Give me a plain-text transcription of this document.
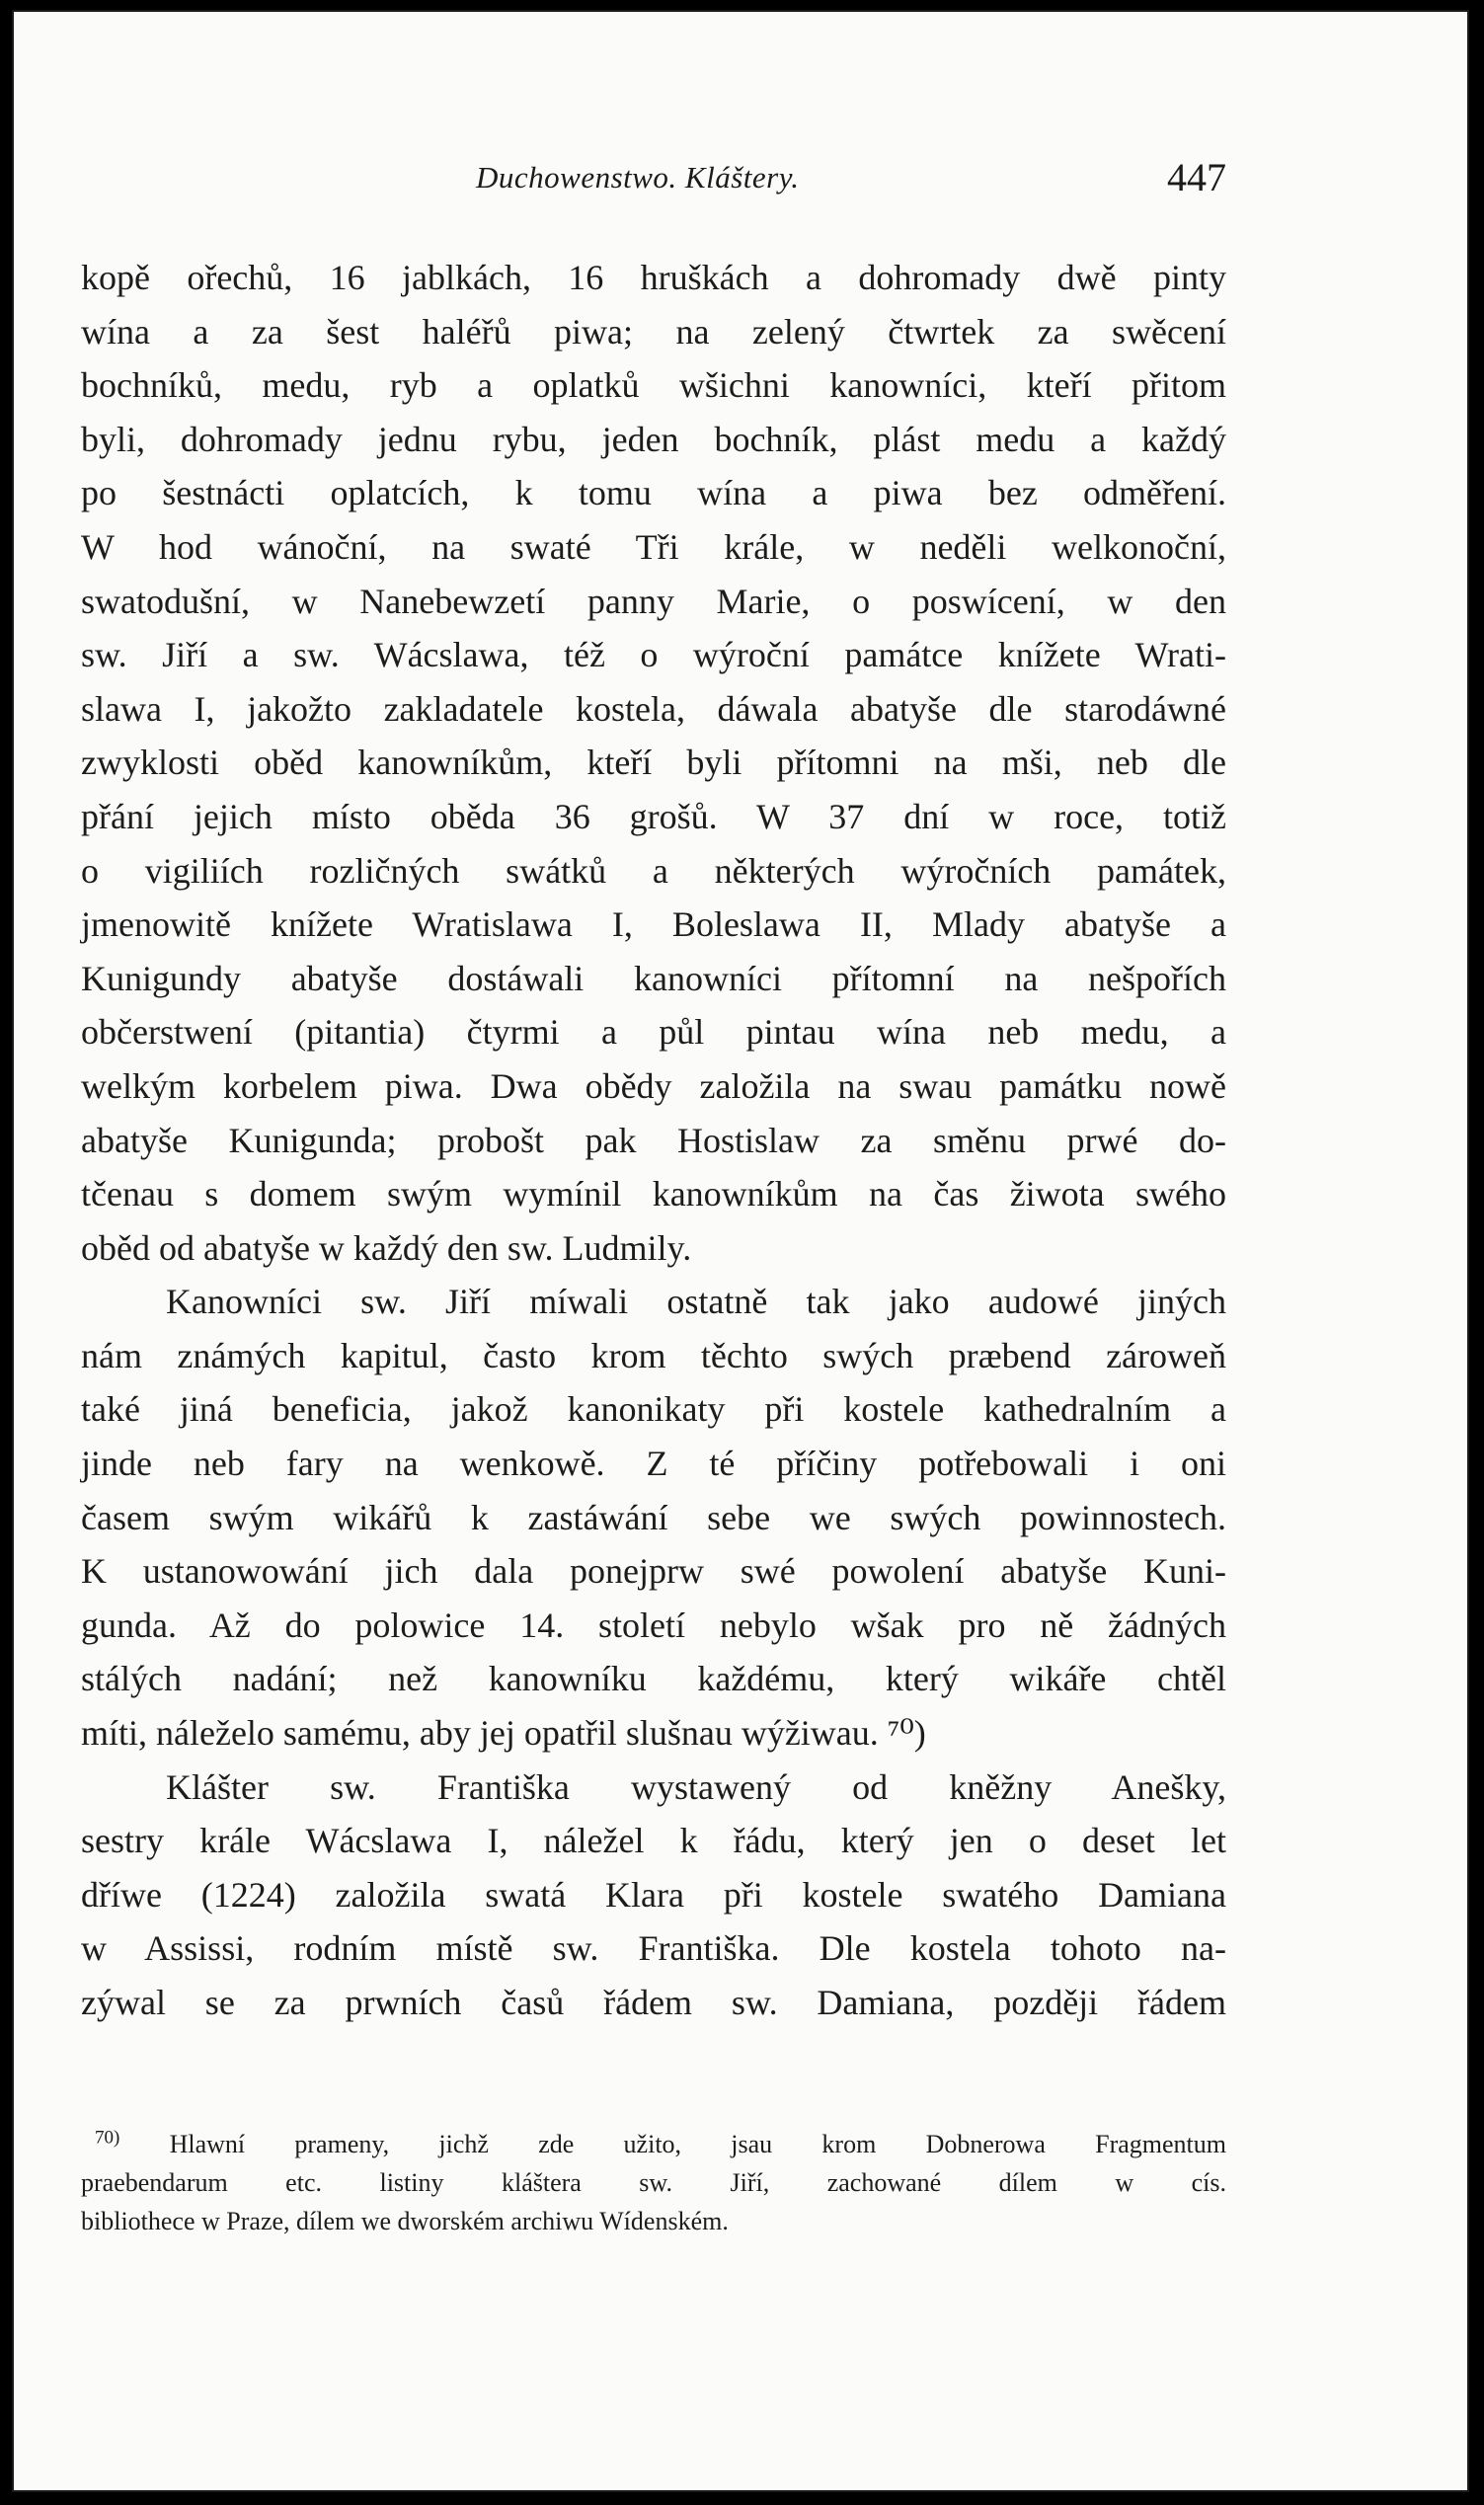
Duchowenstwo. Kláštery.	447
kopě ořechů, 16 jablkách, 16 hruškách a dohromady dwě pinty
wína a za šest haléřů piwa; na zelený čtwrtek za swěcení
bochníků, medu, ryb a oplatků wšichni kanowníci, kteří přitom
byli, dohromady jednu rybu, jeden bochník, plást medu a každý
po šestnácti oplatcích, k tomu wína a piwa bez odměření.
W hod wánoční, na swaté Tři krále, w neděli welkonoční,
swatodušní, w Nanebewzetí panny Marie, o poswícení, w den
sw. Jiří a sw. Wácslawa, též o wýroční památce knížete Wrati-
slawa I, jakožto zakladatele kostela, dáwala abatyše dle starodáwné
zwyklosti oběd kanowníkům, kteří byli přítomni na mši, neb dle
přání jejich místo oběda 36 grošů. W 37 dní w roce, totiž
o vigiliích rozličných swátků a některých wýročních památek,
jmenowitě knížete Wratislawa I, Boleslawa II, Mlady abatyše a
Kunigundy abatyše dostáwali kanowníci přítomní na nešpořích
občerstwení (pitantia) čtyrmi a půl pintau wína neb medu, a
welkým korbelem piwa. Dwa obědy založila na swau památku nowě
abatyše Kunigunda; probošt pak Hostislaw za směnu prwé do-
tčenau s domem swým wymínil kanowníkům na čas žiwota swého
oběd od abatyše w každý den sw. Ludmily.
Kanowníci sw. Jiří míwali ostatně tak jako audowé jiných
nám známých kapitul, často krom těchto swých præbend zároweň
také jiná beneficia, jakož kanonikaty při kostele kathedralním a
jinde neb fary na wenkowě. Z té příčiny potřebowali i oni
časem swým wikářů k zastáwání sebe we swých powinnostech.
K ustanowowání jich dala ponejprw swé powolení abatyše Kuni-
gunda. Až do polowice 14. století nebylo wšak pro ně žádných
stálých nadání; než kanowníku každému, který wikáře chtěl
míti, náleželo samému, aby jej opatřil slušnau wýžiwau. ⁷⁰)
Klášter sw. Františka wystawený od kněžny Anešky,
sestry krále Wácslawa I, náležel k řádu, který jen o deset let
dříwe (1224) založila swatá Klara při kostele swatého Damiana
w Assissi, rodním místě sw. Františka. Dle kostela tohoto na-
zýwal se za prwních časů řádem sw. Damiana, později řádem
$^{70)}$ Hlawní prameny, jichž zde užito, jsau krom Dobnerowa Fragmentum
praebendarum etc. listiny kláštera sw. Jiří, zachowané dílem w cís.
bibliothece w Praze, dílem we dworském archiwu Wídenském.
